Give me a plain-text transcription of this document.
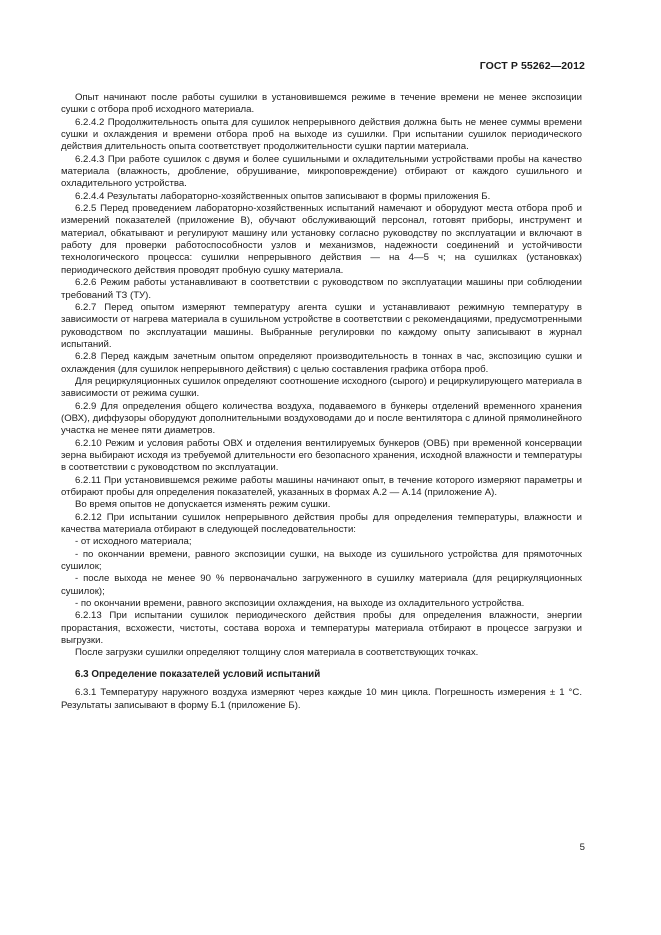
ГОСТ Р 55262—2012

Опыт начинают после работы сушилки в установившемся режиме в течение времени не менее экспозиции сушки с отбора проб исходного материала.

6.2.4.2 Продолжительность опыта для сушилок непрерывного действия должна быть не менее суммы времени сушки и охлаждения и времени отбора проб на выходе из сушилки. При испытании сушилок периодического действия длительность опыта соответствует продолжительности сушки партии материала.

6.2.4.3 При работе сушилок с двумя и более сушильными и охладительными устройствами пробы на качество материала (влажность, дробление, обрушивание, микроповреждение) отбирают от каждого сушильного и охладительного устройства.

6.2.4.4 Результаты лабораторно-хозяйственных опытов записывают в формы приложения Б.

6.2.5 Перед проведением лабораторно-хозяйственных испытаний намечают и оборудуют места отбора проб и измерений показателей (приложение В), обучают обслуживающий персонал, готовят приборы, инструмент и материал, обкатывают и регулируют машину или установку согласно руководству по эксплуатации и включают в работу для проверки работоспособности узлов и механизмов, надежности соединений и устойчивости технологического процесса: сушилки непрерывного действия — на 4—5 ч; на сушилках (установках) периодического действия проводят пробную сушку материала.

6.2.6 Режим работы устанавливают в соответствии с руководством по эксплуатации машины при соблюдении требований ТЗ (ТУ).

6.2.7 Перед опытом измеряют температуру агента сушки и устанавливают режимную температуру в зависимости от нагрева материала в сушильном устройстве в соответствии с рекомендациями, предусмотренными руководством по эксплуатации машины. Выбранные регулировки по каждому опыту записывают в журнал испытаний.

6.2.8 Перед каждым зачетным опытом определяют производительность в тоннах в час, экспозицию сушки и охлаждения (для сушилок непрерывного действия) с целью составления графика отбора проб.

Для рециркуляционных сушилок определяют соотношение исходного (сырого) и рециркулирующего материала в зависимости от режима сушки.

6.2.9 Для определения общего количества воздуха, подаваемого в бункеры отделений временного хранения (ОВХ), диффузоры оборудуют дополнительными воздуховодами до и после вентилятора с длиной прямолинейного участка не менее пяти диаметров.

6.2.10 Режим и условия работы ОВХ и отделения вентилируемых бункеров (ОВБ) при временной консервации зерна выбирают исходя из требуемой длительности его безопасного хранения, исходной влажности и температуры в соответствии с руководством по эксплуатации.

6.2.11 При установившемся режиме работы машины начинают опыт, в течение которого измеряют параметры и отбирают пробы для определения показателей, указанных в формах А.2 — А.14 (приложение А).

Во время опытов не допускается изменять режим сушки.

6.2.12 При испытании сушилок непрерывного действия пробы для определения температуры, влажности и качества материала отбирают в следующей последовательности:

- от исходного материала;

- по окончании времени, равного экспозиции сушки, на выходе из сушильного устройства для прямоточных сушилок;

- после выхода не менее 90 % первоначально загруженного в сушилку материала (для рециркуляционных сушилок);

- по окончании времени, равного экспозиции охлаждения, на выходе из охладительного устройства.

6.2.13 При испытании сушилок периодического действия пробы для определения влажности, энергии прорастания, всхожести, чистоты, состава вороха и температуры материала отбирают в процессе загрузки и выгрузки.

После загрузки сушилки определяют толщину слоя материала в соответствующих точках.

6.3 Определение показателей условий испытаний

6.3.1 Температуру наружного воздуха измеряют через каждые 10 мин цикла. Погрешность измерения ± 1 °С. Результаты записывают в форму Б.1 (приложение Б).

5
